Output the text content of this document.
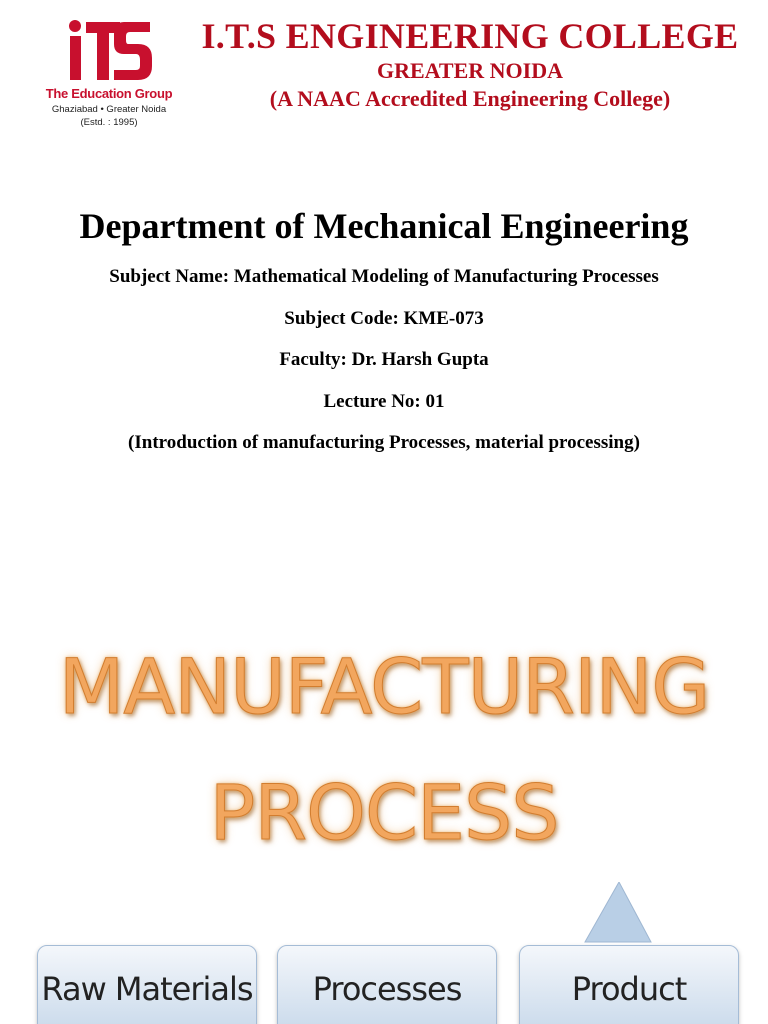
The Education Group
Ghaziabad • Greater Noida
(Estd. : 1995)
I.T.S ENGINEERING COLLEGE
GREATER NOIDA
(A NAAC Accredited Engineering College)
Department of Mechanical Engineering
Subject Name: Mathematical Modeling of Manufacturing Processes
Subject Code: KME-073
Faculty: Dr. Harsh Gupta
Lecture No: 01
(Introduction of manufacturing Processes, material processing)
MANUFACTURING
PROCESS
Raw Materials	Processes	Product
